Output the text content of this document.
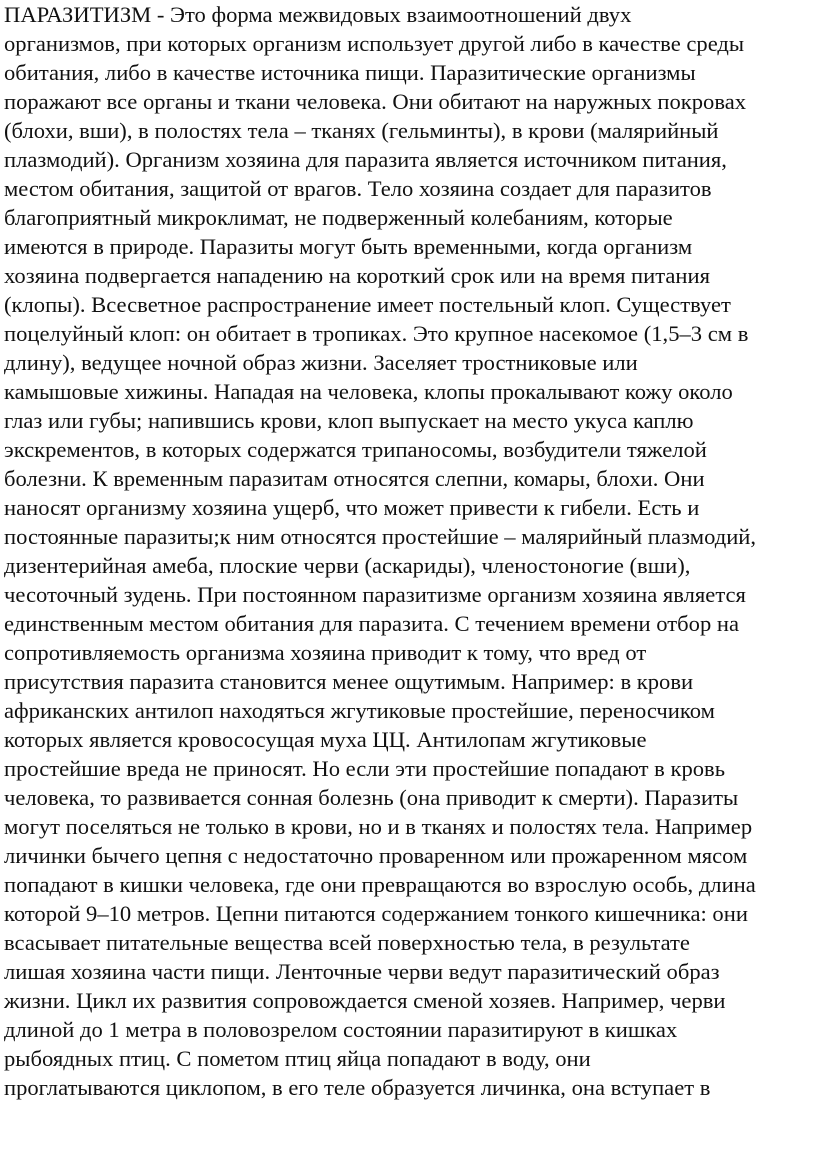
ПАРАЗИТИЗМ - Это форма межвидовых взаимоотношений двух
организмов, при которых организм использует другой либо в качестве среды
обитания, либо в качестве источника пищи. Паразитические организмы
поражают все органы и ткани человека. Они обитают на наружных покровах
(блохи, вши), в полостях тела – тканях (гельминты), в крови (малярийный
плазмодий). Организм хозяина для паразита является источником питания,
местом обитания, защитой от врагов. Тело хозяина создает для паразитов
благоприятный микроклимат, не подверженный колебаниям, которые
имеются в природе. Паразиты могут быть временными, когда организм
хозяина подвергается нападению на короткий срок или на время питания
(клопы). Всесветное распространение имеет постельный клоп. Существует
поцелуйный клоп: он обитает в тропиках. Это крупное насекомое (1,5–3 см в
длину), ведущее ночной образ жизни. Заселяет тростниковые или
камышовые хижины. Нападая на человека, клопы прокалывают кожу около
глаз или губы; напившись крови, клоп выпускает на место укуса каплю
экскрементов, в которых содержатся трипаносомы, возбудители тяжелой
болезни. К временным паразитам относятся слепни, комары, блохи. Они
наносят организму хозяина ущерб, что может привести к гибели. Есть и
постоянные паразиты;к ним относятся простейшие – малярийный плазмодий,
дизентерийная амеба, плоские черви (аскариды), членостоногие (вши),
чесоточный зудень. При постоянном паразитизме организм хозяина является
единственным местом обитания для паразита. С течением времени отбор на
сопротивляемость организма хозяина приводит к тому, что вред от
присутствия паразита становится менее ощутимым. Например: в крови
африканских антилоп находяться жгутиковые простейшие, переносчиком
которых является кровососущая муха ЦЦ. Антилопам жгутиковые
простейшие вреда не приносят. Но если эти простейшие попадают в кровь
человека, то развивается сонная болезнь (она приводит к смерти). Паразиты
могут поселяться не только в крови, но и в тканях и полостях тела. Например
личинки бычего цепня с недостаточно проваренном или прожаренном мясом
попадают в кишки человека, где они превращаются во взрослую особь, длина
которой 9–10 метров. Цепни питаются содержанием тонкого кишечника: они
всасывает питательные вещества всей поверхностью тела, в результате
лишая хозяина части пищи. Ленточные черви ведут паразитический образ
жизни. Цикл их развития сопровождается сменой хозяев. Например, черви
длиной до 1 метра в половозрелом состоянии паразитируют в кишках
рыбоядных птиц. С пометом птиц яйца попадают в воду, они
проглатываются циклопом, в его теле образуется личинка, она вступает в
